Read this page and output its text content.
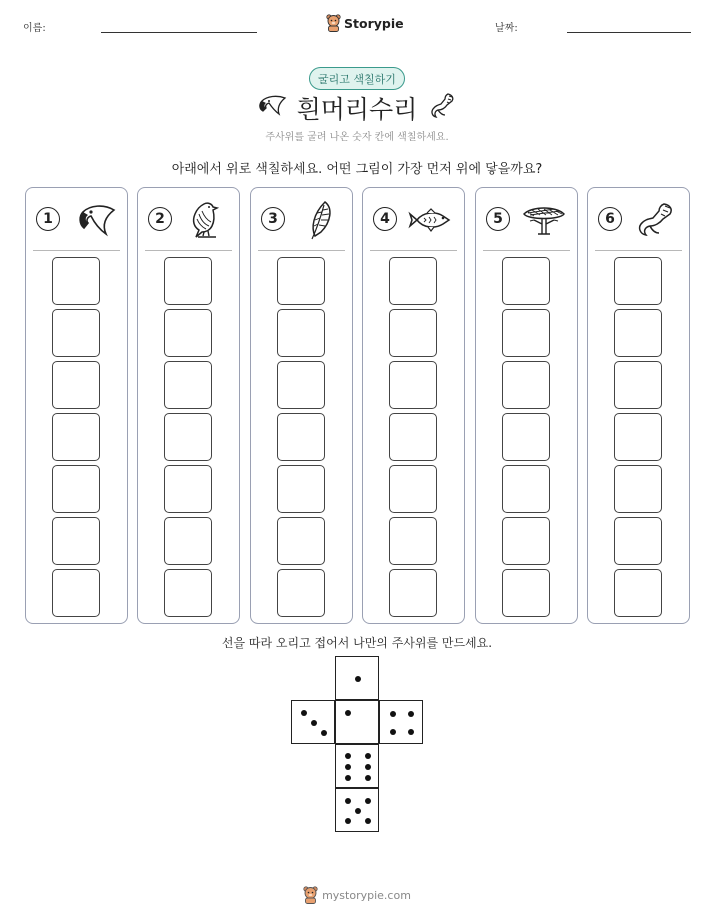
이름:	Storypie	날짜:
굴리고 색칠하기
흰머리수리
주사위를 굴려 나온 숫자 칸에 색칠하세요.
아래에서 위로 색칠하세요. 어떤 그림이 가장 먼저 위에 닿을까요?
1	2	3	4	5	6
선을 따라 오리고 접어서 나만의 주사위를 만드세요.
mystorypie.com
